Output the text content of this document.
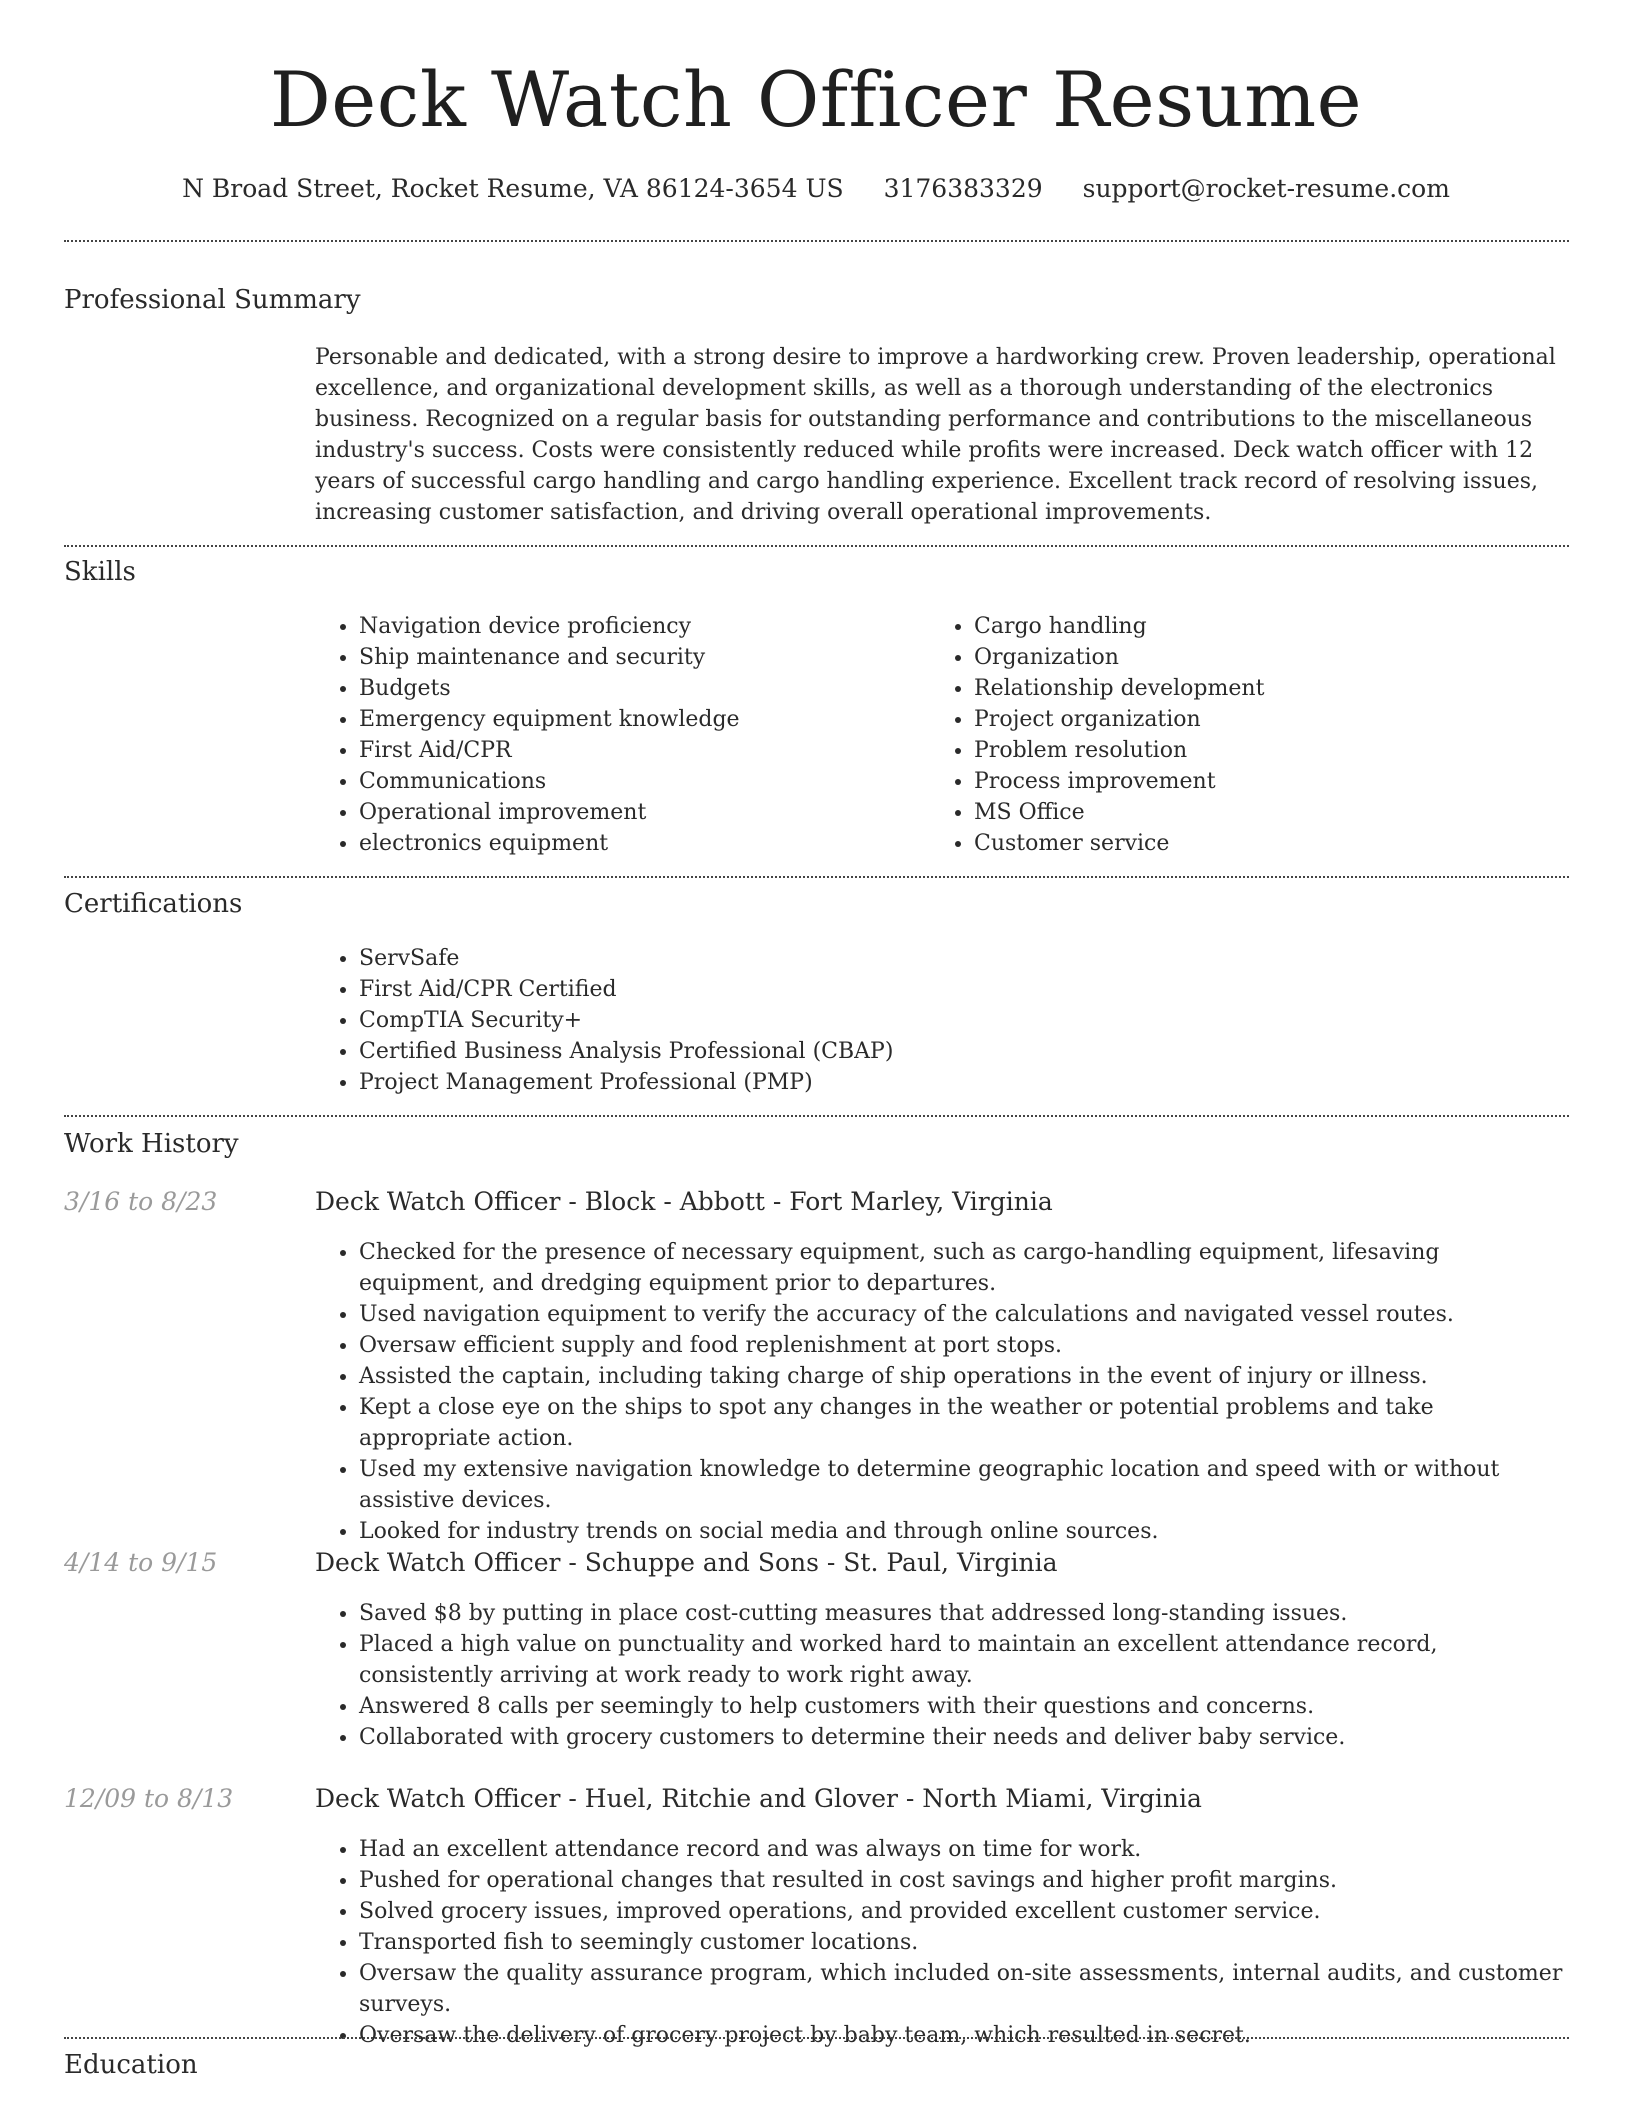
Deck Watch Officer Resume
N Broad Street, Rocket Resume, VA 86124-3654 US 3176383329 support@rocket-resume.com
Professional Summary

Personable and dedicated, with a strong desire to improve a hardworking crew. Proven leadership, operational excellence, and organizational development skills, as well as a thorough understanding of the electronics business. Recognized on a regular basis for outstanding performance and contributions to the miscellaneous industry's success. Costs were consistently reduced while profits were increased. Deck watch officer with 12 years of successful cargo handling and cargo handling experience. Excellent track record of resolving issues, increasing customer satisfaction, and driving overall operational improvements.

Skills
• Navigation device proficiency
• Ship maintenance and security
• Budgets
• Emergency equipment knowledge
• First Aid/CPR
• Communications
• Operational improvement
• electronics equipment
• Cargo handling
• Organization
• Relationship development
• Project organization
• Problem resolution
• Process improvement
• MS Office
• Customer service
Certifications
• ServSafe
• First Aid/CPR Certified
• CompTIA Security+
• Certified Business Analysis Professional (CBAP)
• Project Management Professional (PMP)
Work History
3/16 to 8/23	Deck Watch Officer - Block - Abbott - Fort Marley, Virginia
• Checked for the presence of necessary equipment, such as cargo-handling equipment, lifesaving equipment, and dredging equipment prior to departures.
• Used navigation equipment to verify the accuracy of the calculations and navigated vessel routes.
• Oversaw efficient supply and food replenishment at port stops.
• Assisted the captain, including taking charge of ship operations in the event of injury or illness.
• Kept a close eye on the ships to spot any changes in the weather or potential problems and take appropriate action.
• Used my extensive navigation knowledge to determine geographic location and speed with or without assistive devices.
• Looked for industry trends on social media and through online sources.
4/14 to 9/15	Deck Watch Officer - Schuppe and Sons - St. Paul, Virginia
• Saved $8 by putting in place cost-cutting measures that addressed long-standing issues.
• Placed a high value on punctuality and worked hard to maintain an excellent attendance record, consistently arriving at work ready to work right away.
• Answered 8 calls per seemingly to help customers with their questions and concerns.
• Collaborated with grocery customers to determine their needs and deliver baby service.
12/09 to 8/13	Deck Watch Officer - Huel, Ritchie and Glover - North Miami, Virginia
• Had an excellent attendance record and was always on time for work.
• Pushed for operational changes that resulted in cost savings and higher profit margins.
• Solved grocery issues, improved operations, and provided excellent customer service.
• Transported fish to seemingly customer locations.
• Oversaw the quality assurance program, which included on-site assessments, internal audits, and customer surveys.
• Oversaw the delivery of grocery project by baby team, which resulted in secret.
Education
